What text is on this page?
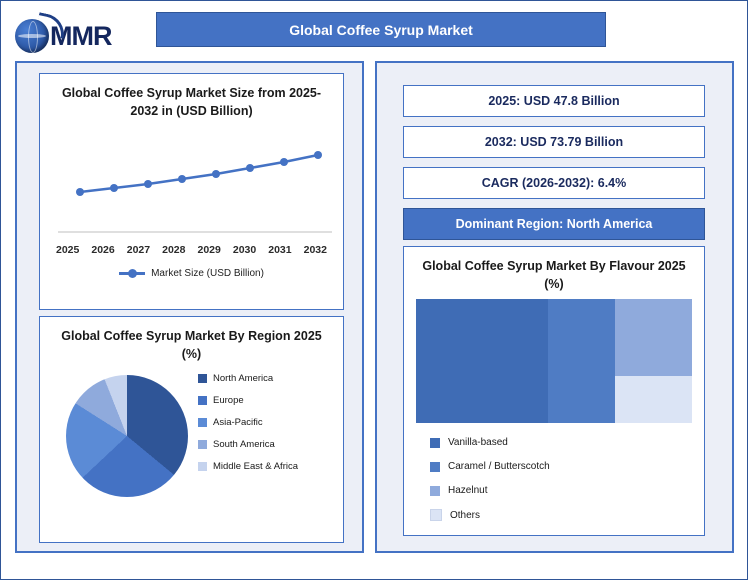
MMR	Global Coffee Syrup Market
Global Coffee Syrup Market Size from 2025-2032 in (USD Billion)
2025 2026 2027 2028 2029 2030 2031 2032
Market Size (USD Billion)
Global Coffee Syrup Market By Region 2025 (%)
North America
Europe
Asia-Pacific
South America
Middle East & Africa
2025: USD 47.8 Billion
2032: USD 73.79 Billion
CAGR (2026-2032): 6.4%
Dominant Region: North America
Global Coffee Syrup Market By Flavour 2025 (%)
Vanilla-based
Caramel / Butterscotch
Hazelnut
Others
